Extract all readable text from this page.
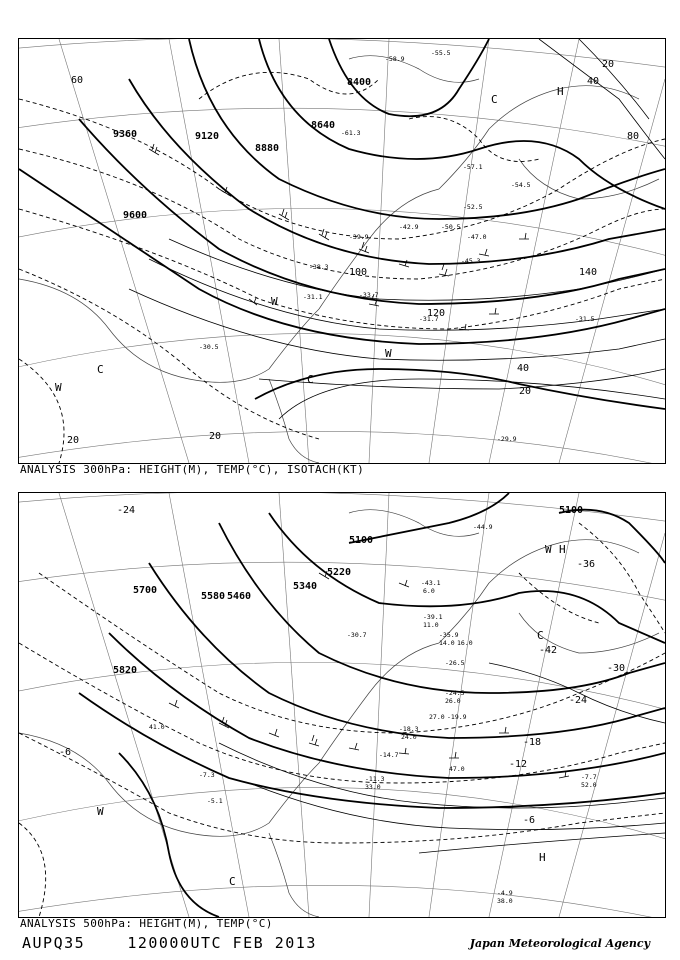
8400
8640
8880
9120
9360
9600
20
40
60
80
100
120
140
20
40
20	20
H
C
C
C
W
W
W
-55.5
-58.9
-61.3
-57.1
-54.5
-52.5
-50.5
-47.0
-45.3
-42.9
-39.9
-38.3
-33.7
-31.7	-31.5
-31.1
-30.5
-29.9
ANALYSIS 300hPa: HEIGHT(M), TEMP(°C), ISOTACH(KT)
5100
5100
5220
5340
5460
5580
5700
5820
-42
-36
-30
-24
-24
-18
-12
-6
-6
W H
H
C
C
W
-44.9
-43.1
-39.1
-35.9
-30.7
-26.5
-24.5
-19.9
-18.3
-14.7
-11.3	-7.7
-7.3
-5.1
-4.9
6.0
11.0
14.0 16.0
24.0
26.0
27.0
33.0
38.0
41.0
47.0
52.0
ANALYSIS 500hPa: HEIGHT(M), TEMP(°C)
AUPQ35	120000UTC FEB 2013	Japan Meteorological Agency
